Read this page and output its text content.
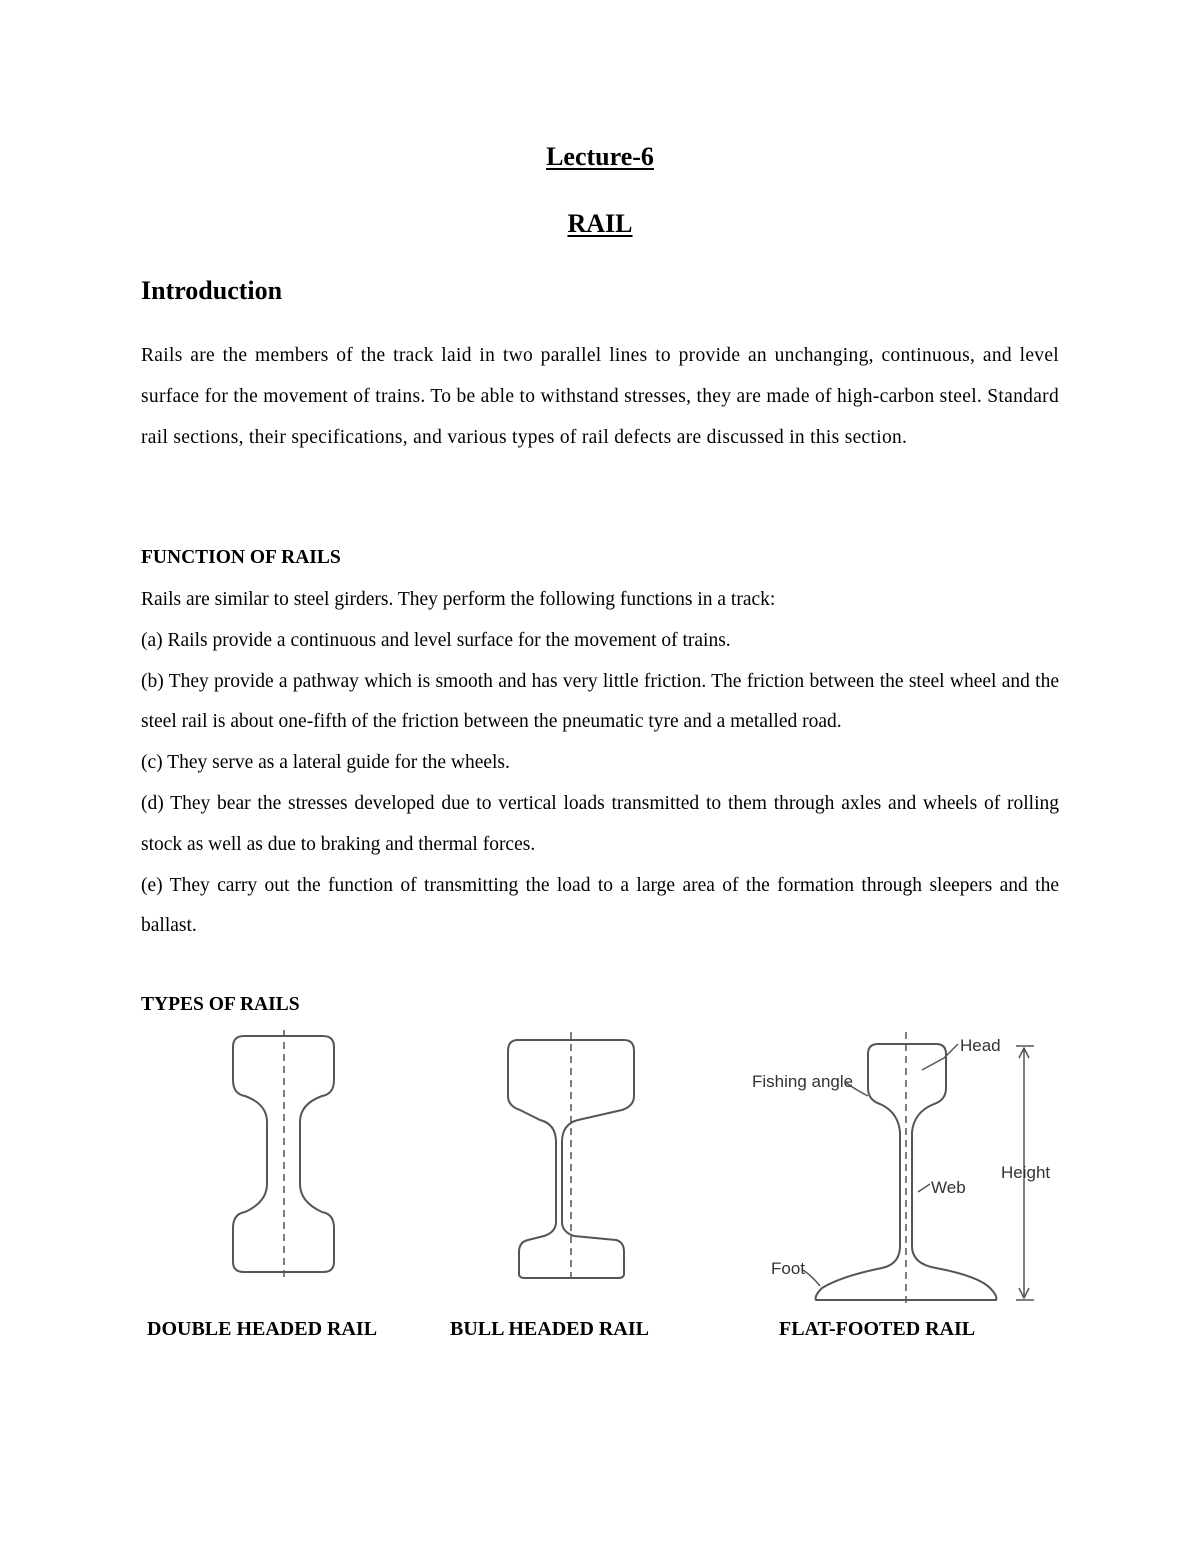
Lecture-6
RAIL
Introduction

Rails are the members of the track laid in two parallel lines to provide an unchanging, continuous, and level surface for the movement of trains. To be able to withstand stresses, they are made of high-carbon steel. Standard rail sections, their specifications, and various types of rail defects are discussed in this section.

FUNCTION OF RAILS

Rails are similar to steel girders. They perform the following functions in a track:

(a) Rails provide a continuous and level surface for the movement of trains.

(b) They provide a pathway which is smooth and has very little friction. The friction between the steel wheel and the steel rail is about one-fifth of the friction between the pneumatic tyre and a metalled road.

(c) They serve as a lateral guide for the wheels.

(d) They bear the stresses developed due to vertical loads transmitted to them through axles and wheels of rolling stock as well as due to braking and thermal forces.

(e) They carry out the function of transmitting the load to a large area of the formation through sleepers and the ballast.

TYPES OF RAILS
Head
Fishing angle
Web
Foot
Height
DOUBLE HEADED RAIL	BULL HEADED RAIL	FLAT-FOOTED RAIL
